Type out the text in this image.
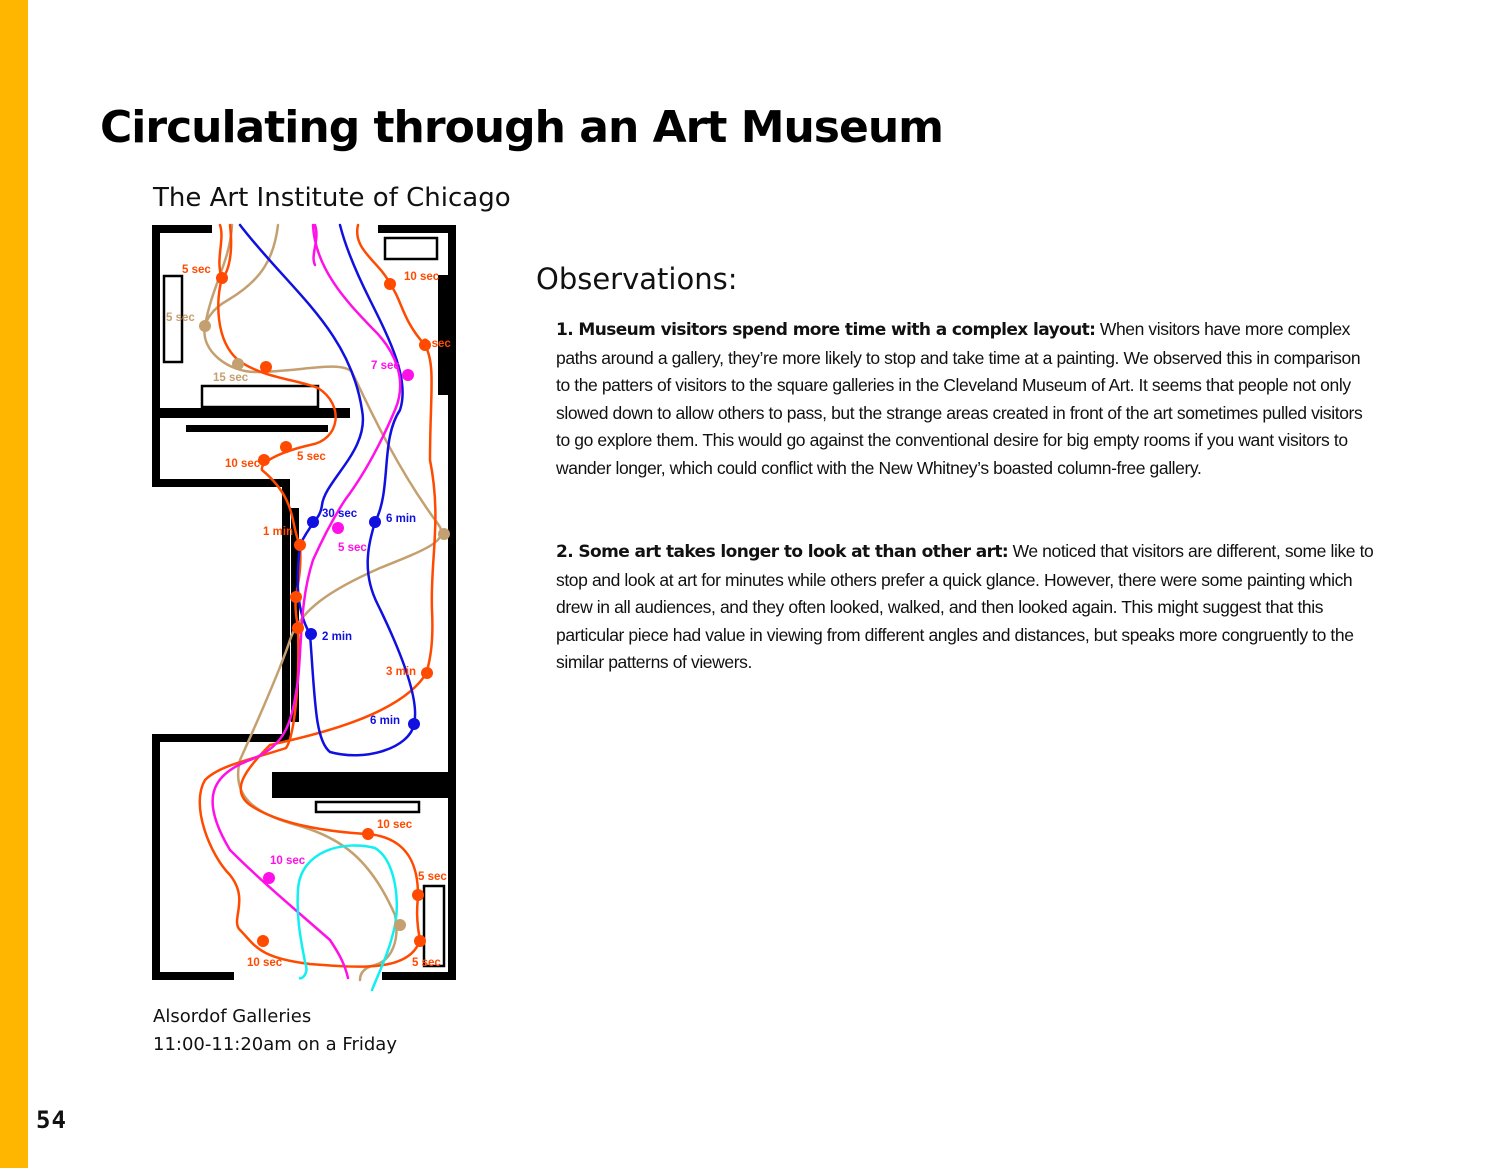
Circulating through an Art Museum
The Art Institute of Chicago
5 sec
5 sec
15 sec
10 sec
3 sec
7 sec
10 sec
5 sec
30 sec	6 min
1 min
5 sec
2 min
3 min
6 min
10 sec
10 sec
5 sec
10 sec	5 sec
Alsordof Galleries
11:00-11:20am on a Friday
Observations:

1. Museum visitors spend more time with a complex layout: When visitors have more complex paths around a gallery, they’re more likely to stop and take time at a painting. We observed this in comparison to the patters of visitors to the square galleries in the Cleveland Museum of Art. It seems that people not only slowed down to allow others to pass, but the strange areas created in front of the art sometimes pulled visitors to go explore them. This would go against the conventional desire for big empty rooms if you want visitors to wander longer, which could conflict with the New Whitney’s boasted column-free gallery.

2. Some art takes longer to look at than other art: We noticed that visitors are different, some like to stop and look at art for minutes while others prefer a quick glance. However, there were some painting which drew in all audiences, and they often looked, walked, and then looked again. This might suggest that this particular piece had value in viewing from different angles and distances, but speaks more congruently to the similar patterns of viewers.

54
